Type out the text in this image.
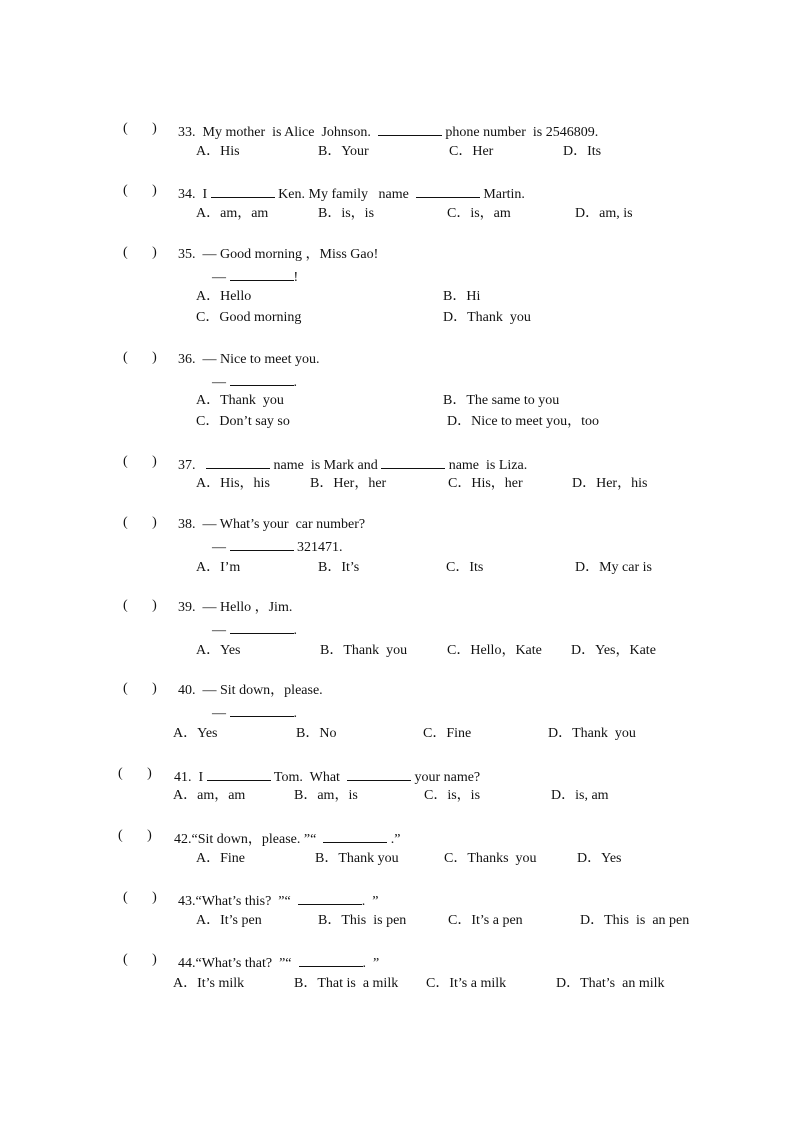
(       ) 33.  My mother  is Alice  Johnson.	phone number  is 2546809.
A．His	B．Your	C．Her	D．Its
(       ) 34.  I	Ken. My family   name	Martin.
A．am，am	B．is，is	C．is，am	D．am, is
(       ) 35.  — Good morning ，Miss Gao!
—	!
A．Hello	B．Hi
C．Good morning	D．Thank  you
(       ) 36.  — Nice to meet you.
—	.
A．Thank  you	B．The same to you
C．Don’t say so	D．Nice to meet you，too
(       ) 37.	name  is Mark and	name  is Liza.
A．His，his	B．Her，her	C．His，her	D．Her，his
(       ) 38.  — What’s your  car number?
—	321471.
A．I’m	B．It’s	C．Its	D．My car is
(       ) 39.  — Hello ，Jim.
—	.
A．Yes	B．Thank  you	C．Hello，Kate D．Yes，Kate
(       ) 40.  — Sit down，please.
—	.
A．Yes	B．No	C．Fine	D．Thank  you
(       ) 41.  I	Tom.  What	your name?
A．am，am	B．am，is	C．is，is	D．is, am
(       ) 42.“Sit down，please. ”“	.”
A．Fine	B．Thank you	C．Thanks  you	D．Yes
(       ) 43.“What’s this?  ”“	.  ”
A．It’s pen	B．This  is pen	C．It’s a pen	D．This  is  an pen
(       ) 44.“What’s that?  ”“	.  ”
A．It’s milk	B．That is  a milk C．It’s a milk	D．That’s  an milk
